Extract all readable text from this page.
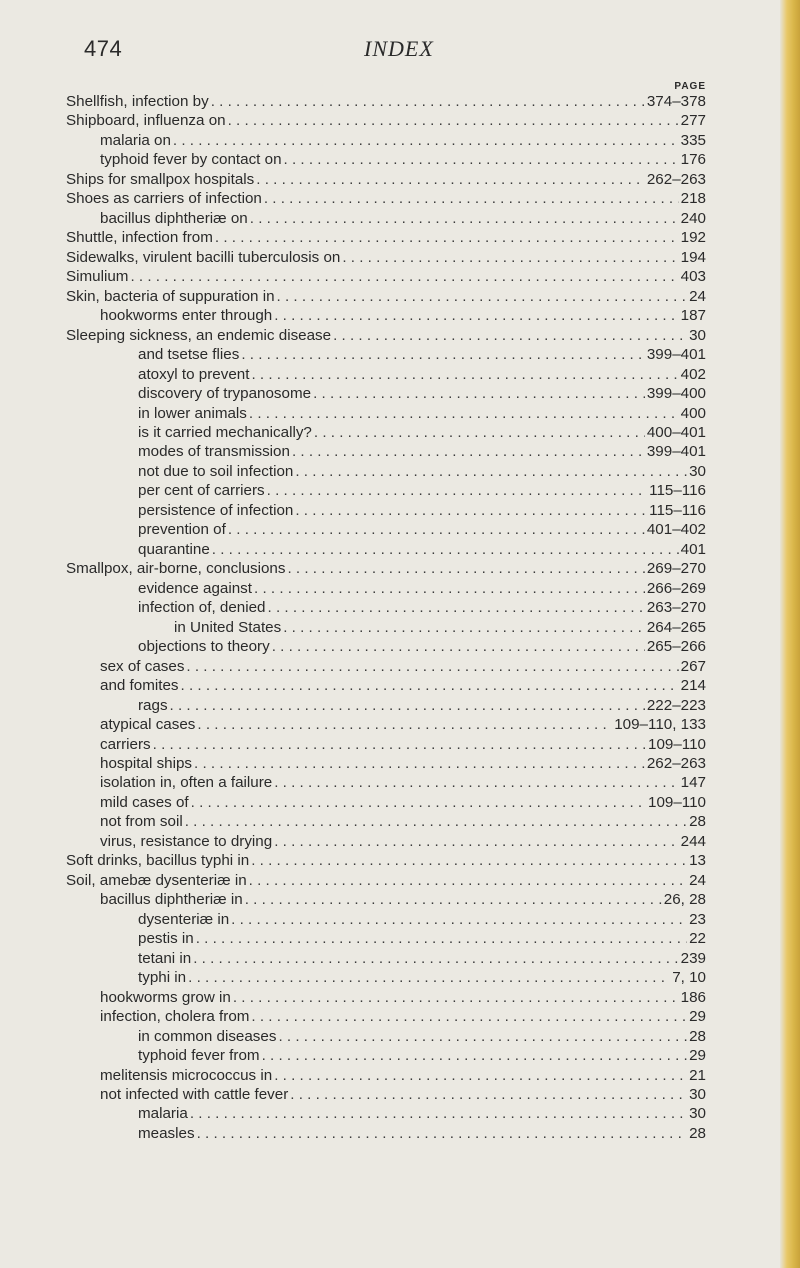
474	INDEX
PAGE
Shellfish, infection by . . .	374–378
Shipboard, influenza on . . .	277
malaria on . . .	335
typhoid fever by contact on . . .	176
Ships for smallpox hospitals . . .	262–263
Shoes as carriers of infection . . .	218
bacillus diphtheriæ on . . .	240
Shuttle, infection from . . .	192
Sidewalks, virulent bacilli tuberculosis on . . .	194
Simulium . . .	403
Skin, bacteria of suppuration in . . .	24
hookworms enter through . . .	187
Sleeping sickness, an endemic disease . . .	30
and tsetse flies . . .	399–401
atoxyl to prevent . . .	402
discovery of trypanosome . . .	399–400
in lower animals . . .	400
is it carried mechanically? . . .	400–401
modes of transmission . . .	399–401
not due to soil infection . . .	30
per cent of carriers . . .	115–116
persistence of infection . . .	115–116
prevention of . . .	401–402
quarantine . . .	401
Smallpox, air-borne, conclusions . . .	269–270
evidence against . . .	266–269
infection of, denied . . .	263–270
in United States . . .	264–265
objections to theory . . .	265–266
sex of cases . . .	267
and fomites . . .	214
rags . . .	222–223
atypical cases . . .	109–110, 133
carriers . . .	109–110
hospital ships . . .	262–263
isolation in, often a failure . . .	147
mild cases of . . .	109–110
not from soil . . .	28
virus, resistance to drying . . .	244
Soft drinks, bacillus typhi in . . .	13
Soil, amebæ dysenteriæ in . . .	24
bacillus diphtheriæ in . . .	26, 28
dysenteriæ in . . .	23
pestis in . . .	22
tetani in . . .	239
typhi in . . .	7, 10
hookworms grow in . . .	186
infection, cholera from . . .	29
in common diseases . . .	28
typhoid fever from . . .	29
melitensis micrococcus in . . .	21
not infected with cattle fever . . .	30
malaria . . .	30
measles . . .	28
